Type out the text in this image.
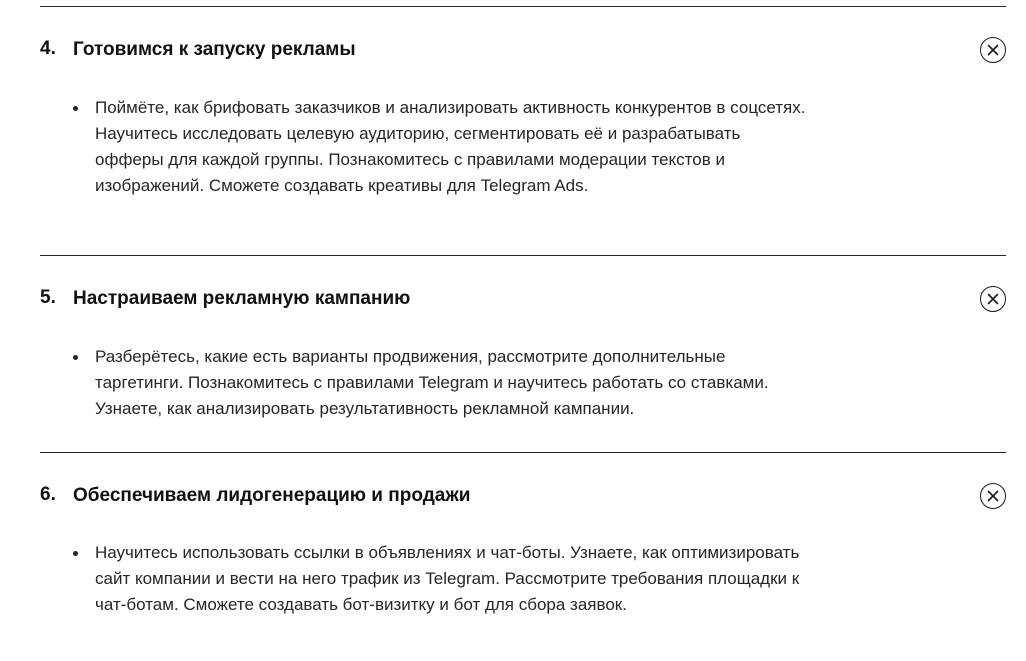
4. Готовимся к запуску рекламы
Поймёте, как брифовать заказчиков и анализировать активность конкурентов в соцсетях. Научитесь исследовать целевую аудиторию, сегментировать её и разрабатывать офферы для каждой группы. Познакомитесь с правилами модерации текстов и изображений. Сможете создавать креативы для Telegram Ads.
5. Настраиваем рекламную кампанию
Разберётесь, какие есть варианты продвижения, рассмотрите дополнительные таргетинги. Познакомитесь с правилами Telegram и научитесь работать со ставками. Узнаете, как анализировать результативность рекламной кампании.
6. Обеспечиваем лидогенерацию и продажи
Научитесь использовать ссылки в объявлениях и чат-боты. Узнаете, как оптимизировать сайт компании и вести на него трафик из Telegram. Рассмотрите требования площадки к чат-ботам. Сможете создавать бот-визитку и бот для сбора заявок.
